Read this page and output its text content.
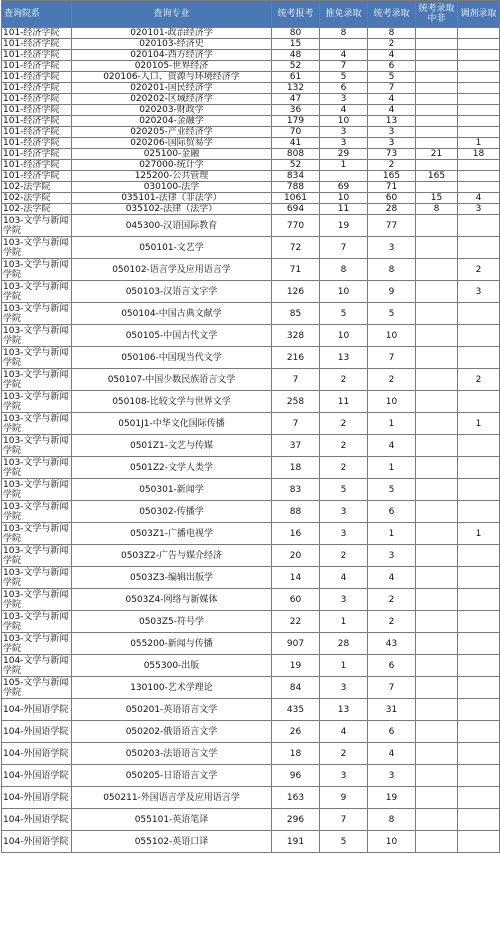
查询院系	查询专业	统考报考	推免录取	统考录取	统考录取中非	调剂录取
101-经济学院	020101-政治经济学	80	8	8		
101-经济学院	020103-经济史	15		2		
101-经济学院	020104-西方经济学	48	4	4		
101-经济学院	020105-世界经济	52	7	6		
101-经济学院	020106-人口、资源与环境经济学	61	5	5		
101-经济学院	020201-国民经济学	132	6	7		
101-经济学院	020202-区域经济学	47	3	4		
101-经济学院	020203-财政学	36	4	4		
101-经济学院	020204-金融学	179	10	13		
101-经济学院	020205-产业经济学	70	3	3		
101-经济学院	020206-国际贸易学	41	3	3		1
101-经济学院	025100-金融	808	29	73	21	18
101-经济学院	027000-统计学	52	1	2		
101-经济学院	125200-公共管理	834		165	165	
102-法学院	030100-法学	788	69	71		
102-法学院	035101-法律（非法学）	1061	10	60	15	4
102-法学院	035102-法律（法学）	694	11	28	8	3
103-文学与新闻学院	045300-汉语国际教育	770	19	77		
103-文学与新闻学院	050101-文艺学	72	7	3		
103-文学与新闻学院	050102-语言学及应用语言学	71	8	8		2
103-文学与新闻学院	050103-汉语言文字学	126	10	9		3
103-文学与新闻学院	050104-中国古典文献学	85	5	5		
103-文学与新闻学院	050105-中国古代文学	328	10	10		
103-文学与新闻学院	050106-中国现当代文学	216	13	7		
103-文学与新闻学院	050107-中国少数民族语言文学	7	2	2		2
103-文学与新闻学院	050108-比较文学与世界文学	258	11	10		
103-文学与新闻学院	0501J1-中华文化国际传播	7	2	1		1
103-文学与新闻学院	0501Z1-文艺与传媒	37	2	4		
103-文学与新闻学院	0501Z2-文学人类学	18	2	1		
103-文学与新闻学院	050301-新闻学	83	5	5		
103-文学与新闻学院	050302-传播学	88	3	6		
103-文学与新闻学院	0503Z1-广播电视学	16	3	1		1
103-文学与新闻学院	0503Z2-广告与媒介经济	20	2	3		
103-文学与新闻学院	0503Z3-编辑出版学	14	4	4		
103-文学与新闻学院	0503Z4-网络与新媒体	60	3	2		
103-文学与新闻学院	0503Z5-符号学	22	1	2		
103-文学与新闻学院	055200-新闻与传播	907	28	43		
104-文学与新闻学院	055300-出版	19	1	6		
105-文学与新闻学院	130100-艺术学理论	84	3	7		
104-外国语学院	050201-英语语言文学	435	13	31		
104-外国语学院	050202-俄语语言文学	26	4	6		
104-外国语学院	050203-法语语言文学	18	2	4		
104-外国语学院	050205-日语语言文学	96	3	3		
104-外国语学院	050211-外国语言学及应用语言学	163	9	19		
104-外国语学院	055101-英语笔译	296	7	8		
104-外国语学院	055102-英语口译	191	5	10		
